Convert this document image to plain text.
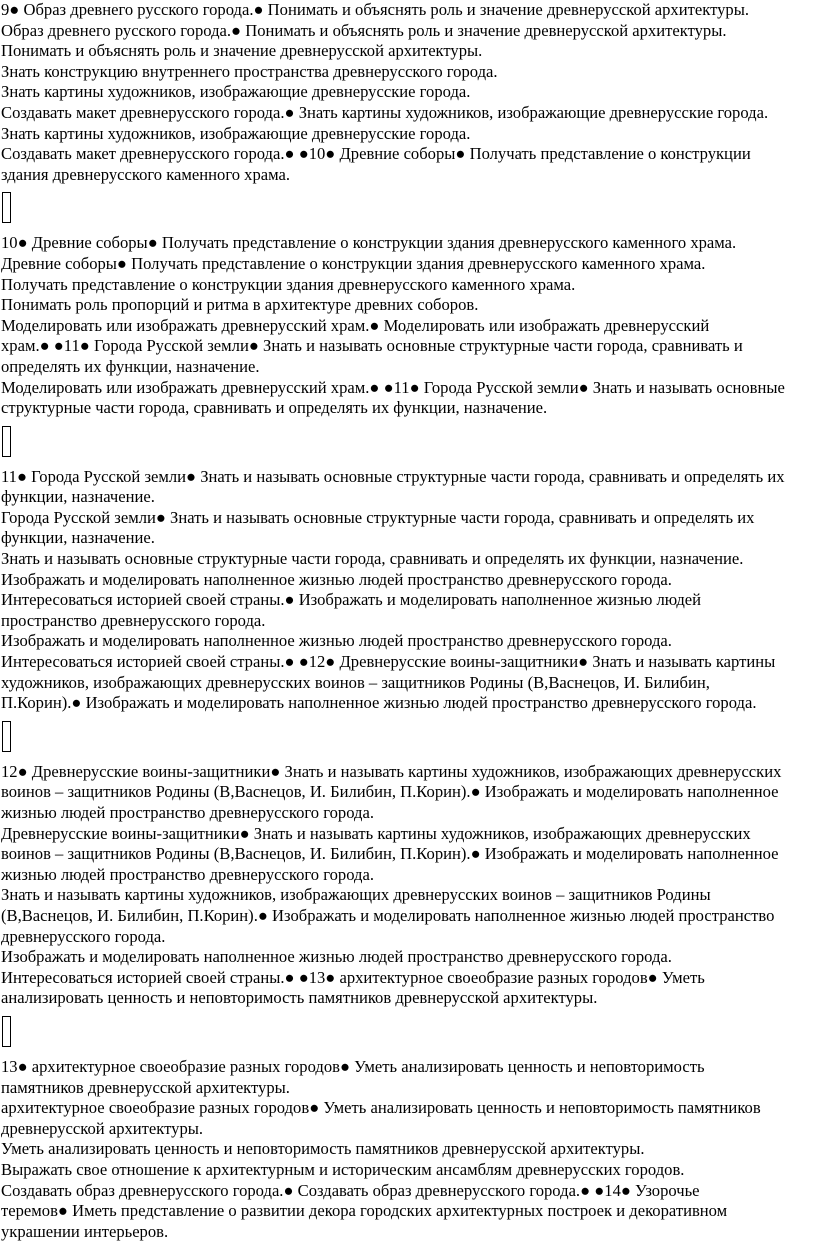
9● Образ древнего русского города.● Понимать и объяснять роль и значение древнерусской архитектуры.
Образ древнего русского города.● Понимать и объяснять роль и значение древнерусской архитектуры.
Понимать и объяснять роль и значение древнерусской архитектуры.
Знать конструкцию внутреннего пространства древнерусского города.
Знать картины художников, изображающие древнерусские города.
Создавать макет древнерусского города.● Знать картины художников, изображающие древнерусские города.
Знать картины художников, изображающие древнерусские города.
Создавать макет древнерусского города.● ●10● Древние соборы● Получать представление о конструкции
здания древнерусского каменного храма.
10● Древние соборы● Получать представление о конструкции здания древнерусского каменного храма.
Древние соборы● Получать представление о конструкции здания древнерусского каменного храма.
Получать представление о конструкции здания древнерусского каменного храма.
Понимать роль пропорций и ритма в архитектуре древних соборов.
Моделировать или изображать древнерусский храм.● Моделировать или изображать древнерусский
храм.● ●11● Города Русской земли● Знать и называть основные структурные части города, сравнивать и
определять их функции, назначение.
Моделировать или изображать древнерусский храм.● ●11● Города Русской земли● Знать и называть основные
структурные части города, сравнивать и определять их функции, назначение.
11● Города Русской земли● Знать и называть основные структурные части города, сравнивать и определять их
функции, назначение.
Города Русской земли● Знать и называть основные структурные части города, сравнивать и определять их
функции, назначение.
Знать и называть основные структурные части города, сравнивать и определять их функции, назначение.
Изображать и моделировать наполненное жизнью людей пространство древнерусского города.
Интересоваться историей своей страны.● Изображать и моделировать наполненное жизнью людей
пространство древнерусского города.
Изображать и моделировать наполненное жизнью людей пространство древнерусского города.
Интересоваться историей своей страны.● ●12● Древнерусские воины-защитники● Знать и называть картины
художников, изображающих древнерусских воинов – защитников Родины (В,Васнецов, И. Билибин,
П.Корин).● Изображать и моделировать наполненное жизнью людей пространство древнерусского города.
12● Древнерусские воины-защитники● Знать и называть картины художников, изображающих древнерусских
воинов – защитников Родины (В,Васнецов, И. Билибин, П.Корин).● Изображать и моделировать наполненное
жизнью людей пространство древнерусского города.
Древнерусские воины-защитники● Знать и называть картины художников, изображающих древнерусских
воинов – защитников Родины (В,Васнецов, И. Билибин, П.Корин).● Изображать и моделировать наполненное
жизнью людей пространство древнерусского города.
Знать и называть картины художников, изображающих древнерусских воинов – защитников Родины
(В,Васнецов, И. Билибин, П.Корин).● Изображать и моделировать наполненное жизнью людей пространство
древнерусского города.
Изображать и моделировать наполненное жизнью людей пространство древнерусского города.
Интересоваться историей своей страны.● ●13● архитектурное своеобразие разных городов● Уметь
анализировать ценность и неповторимость памятников древнерусской архитектуры.
13● архитектурное своеобразие разных городов● Уметь анализировать ценность и неповторимость
памятников древнерусской архитектуры.
архитектурное своеобразие разных городов● Уметь анализировать ценность и неповторимость памятников
древнерусской архитектуры.
Уметь анализировать ценность и неповторимость памятников древнерусской архитектуры.
Выражать свое отношение к архитектурным и историческим ансамблям древнерусских городов.
Создавать образ древнерусского города.● Создавать образ древнерусского города.● ●14● Узорочье
теремов● Иметь представление о развитии декора городских архитектурных построек и декоративном
украшении интерьеров.
